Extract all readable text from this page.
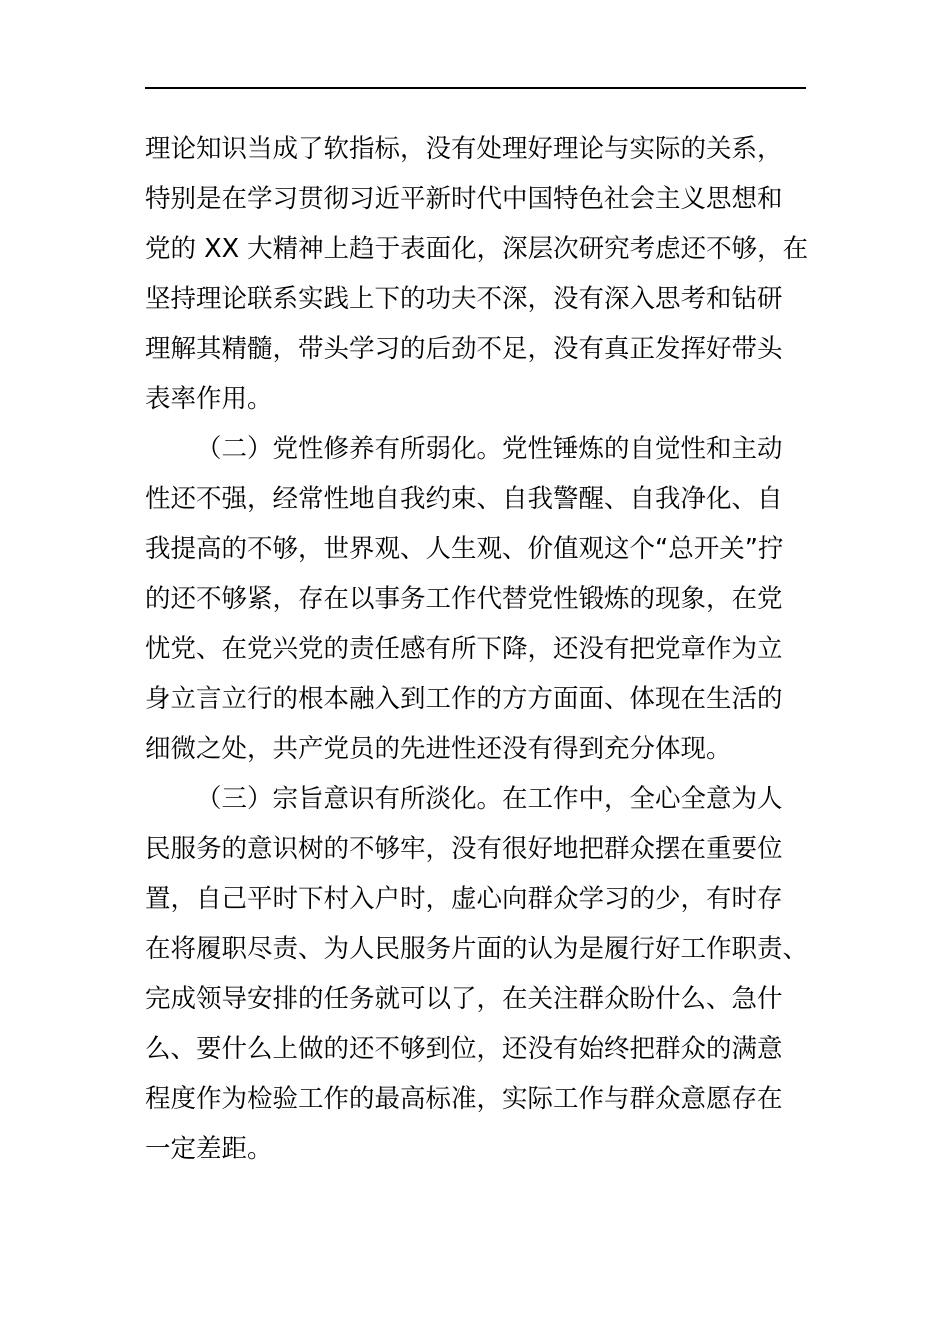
理论知识当成了软指标，没有处理好理论与实际的关系，
特别是在学习贯彻习近平新时代中国特色社会主义思想和
党的 XX 大精神上趋于表面化，深层次研究考虑还不够，在
坚持理论联系实践上下的功夫不深，没有深入思考和钻研
理解其精髓，带头学习的后劲不足，没有真正发挥好带头
表率作用。
（二）党性修养有所弱化。党性锤炼的自觉性和主动
性还不强，经常性地自我约束、自我警醒、自我净化、自
我提高的不够，世界观、人生观、价值观这个“总开关”拧
的还不够紧，存在以事务工作代替党性锻炼的现象，在党
忧党、在党兴党的责任感有所下降，还没有把党章作为立
身立言立行的根本融入到工作的方方面面、体现在生活的
细微之处，共产党员的先进性还没有得到充分体现。
（三）宗旨意识有所淡化。在工作中，全心全意为人
民服务的意识树的不够牢，没有很好地把群众摆在重要位
置，自己平时下村入户时，虚心向群众学习的少，有时存
在将履职尽责、为人民服务片面的认为是履行好工作职责、
完成领导安排的任务就可以了，在关注群众盼什么、急什
么、要什么上做的还不够到位，还没有始终把群众的满意
程度作为检验工作的最高标准，实际工作与群众意愿存在
一定差距。
